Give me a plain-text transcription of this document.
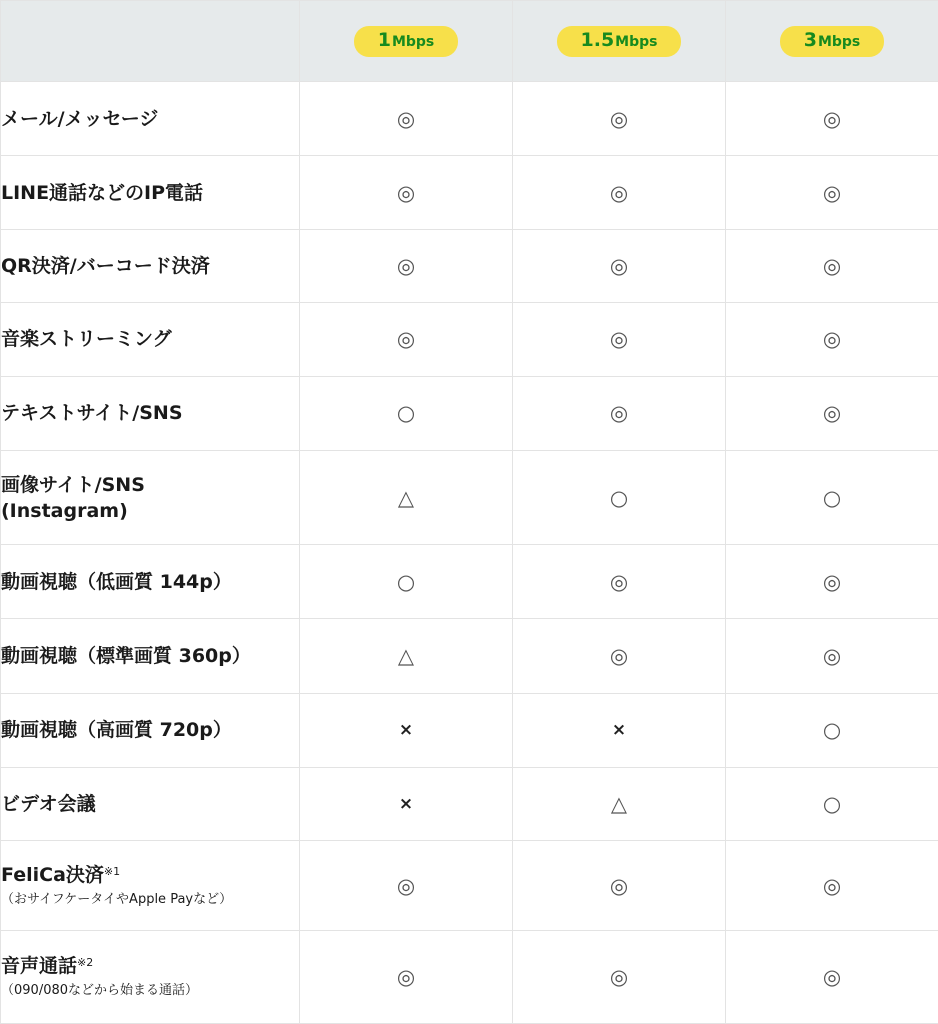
	1Mbps	1.5Mbps	3Mbps

メール/メッセージ	◎	◎	◎

LINE通話などのIP電話	◎	◎	◎

QR決済/バーコード決済	◎	◎	◎

音楽ストリーミング	◎	◎	◎

テキストサイト/SNS	○	◎	◎

画像サイト/SNS
(Instagram)	△	○	○

動画視聴（低画質 144p）	○	◎	◎

動画視聴（標準画質 360p）	△	◎	◎

動画視聴（高画質 720p）	×	×	○

ビデオ会議	×	△	○

FeliCa決済$^{※1}$
（おサイフケータイやApple Payなど）	◎	◎	◎

音声通話$^{※2}$
（090/080などから始まる通話）	◎	◎	◎
